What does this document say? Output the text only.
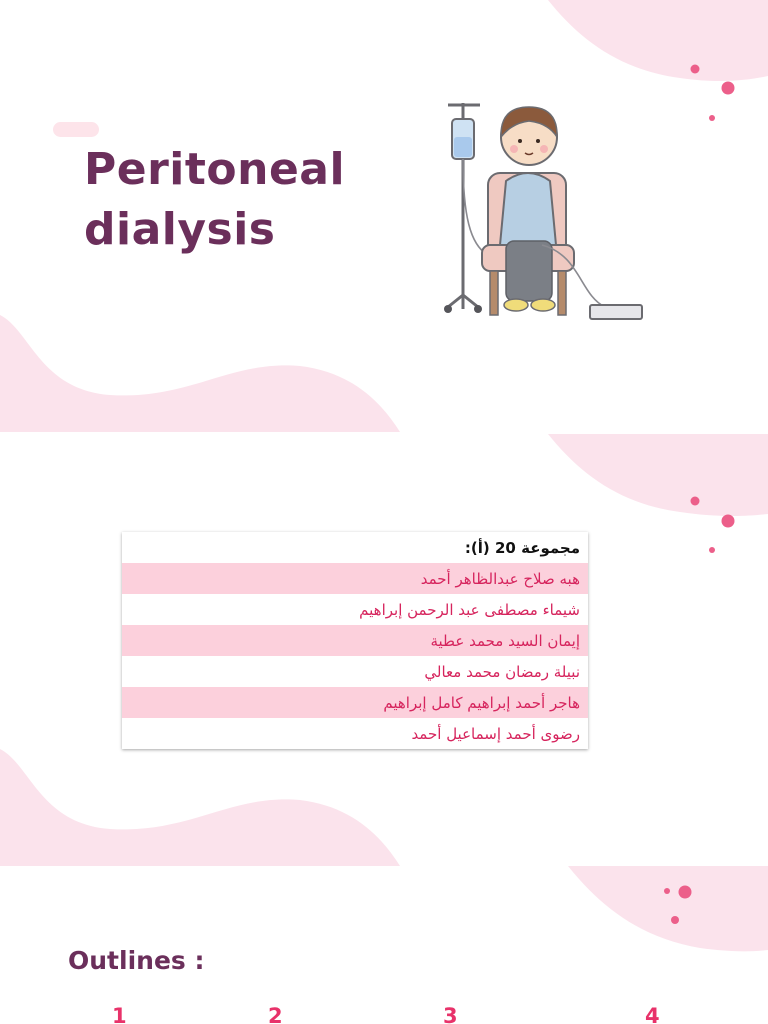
Peritoneal
dialysis
مجموعة 20 (أ):
هبه صلاح عبدالظاهر أحمد
شيماء مصطفى عبد الرحمن إبراهيم
إيمان السيد محمد عطية
نبيلة رمضان محمد معالي
هاجر أحمد إبراهيم كامل إبراهيم
رضوى أحمد إسماعيل أحمد
Outlines :
1	2	3	4
